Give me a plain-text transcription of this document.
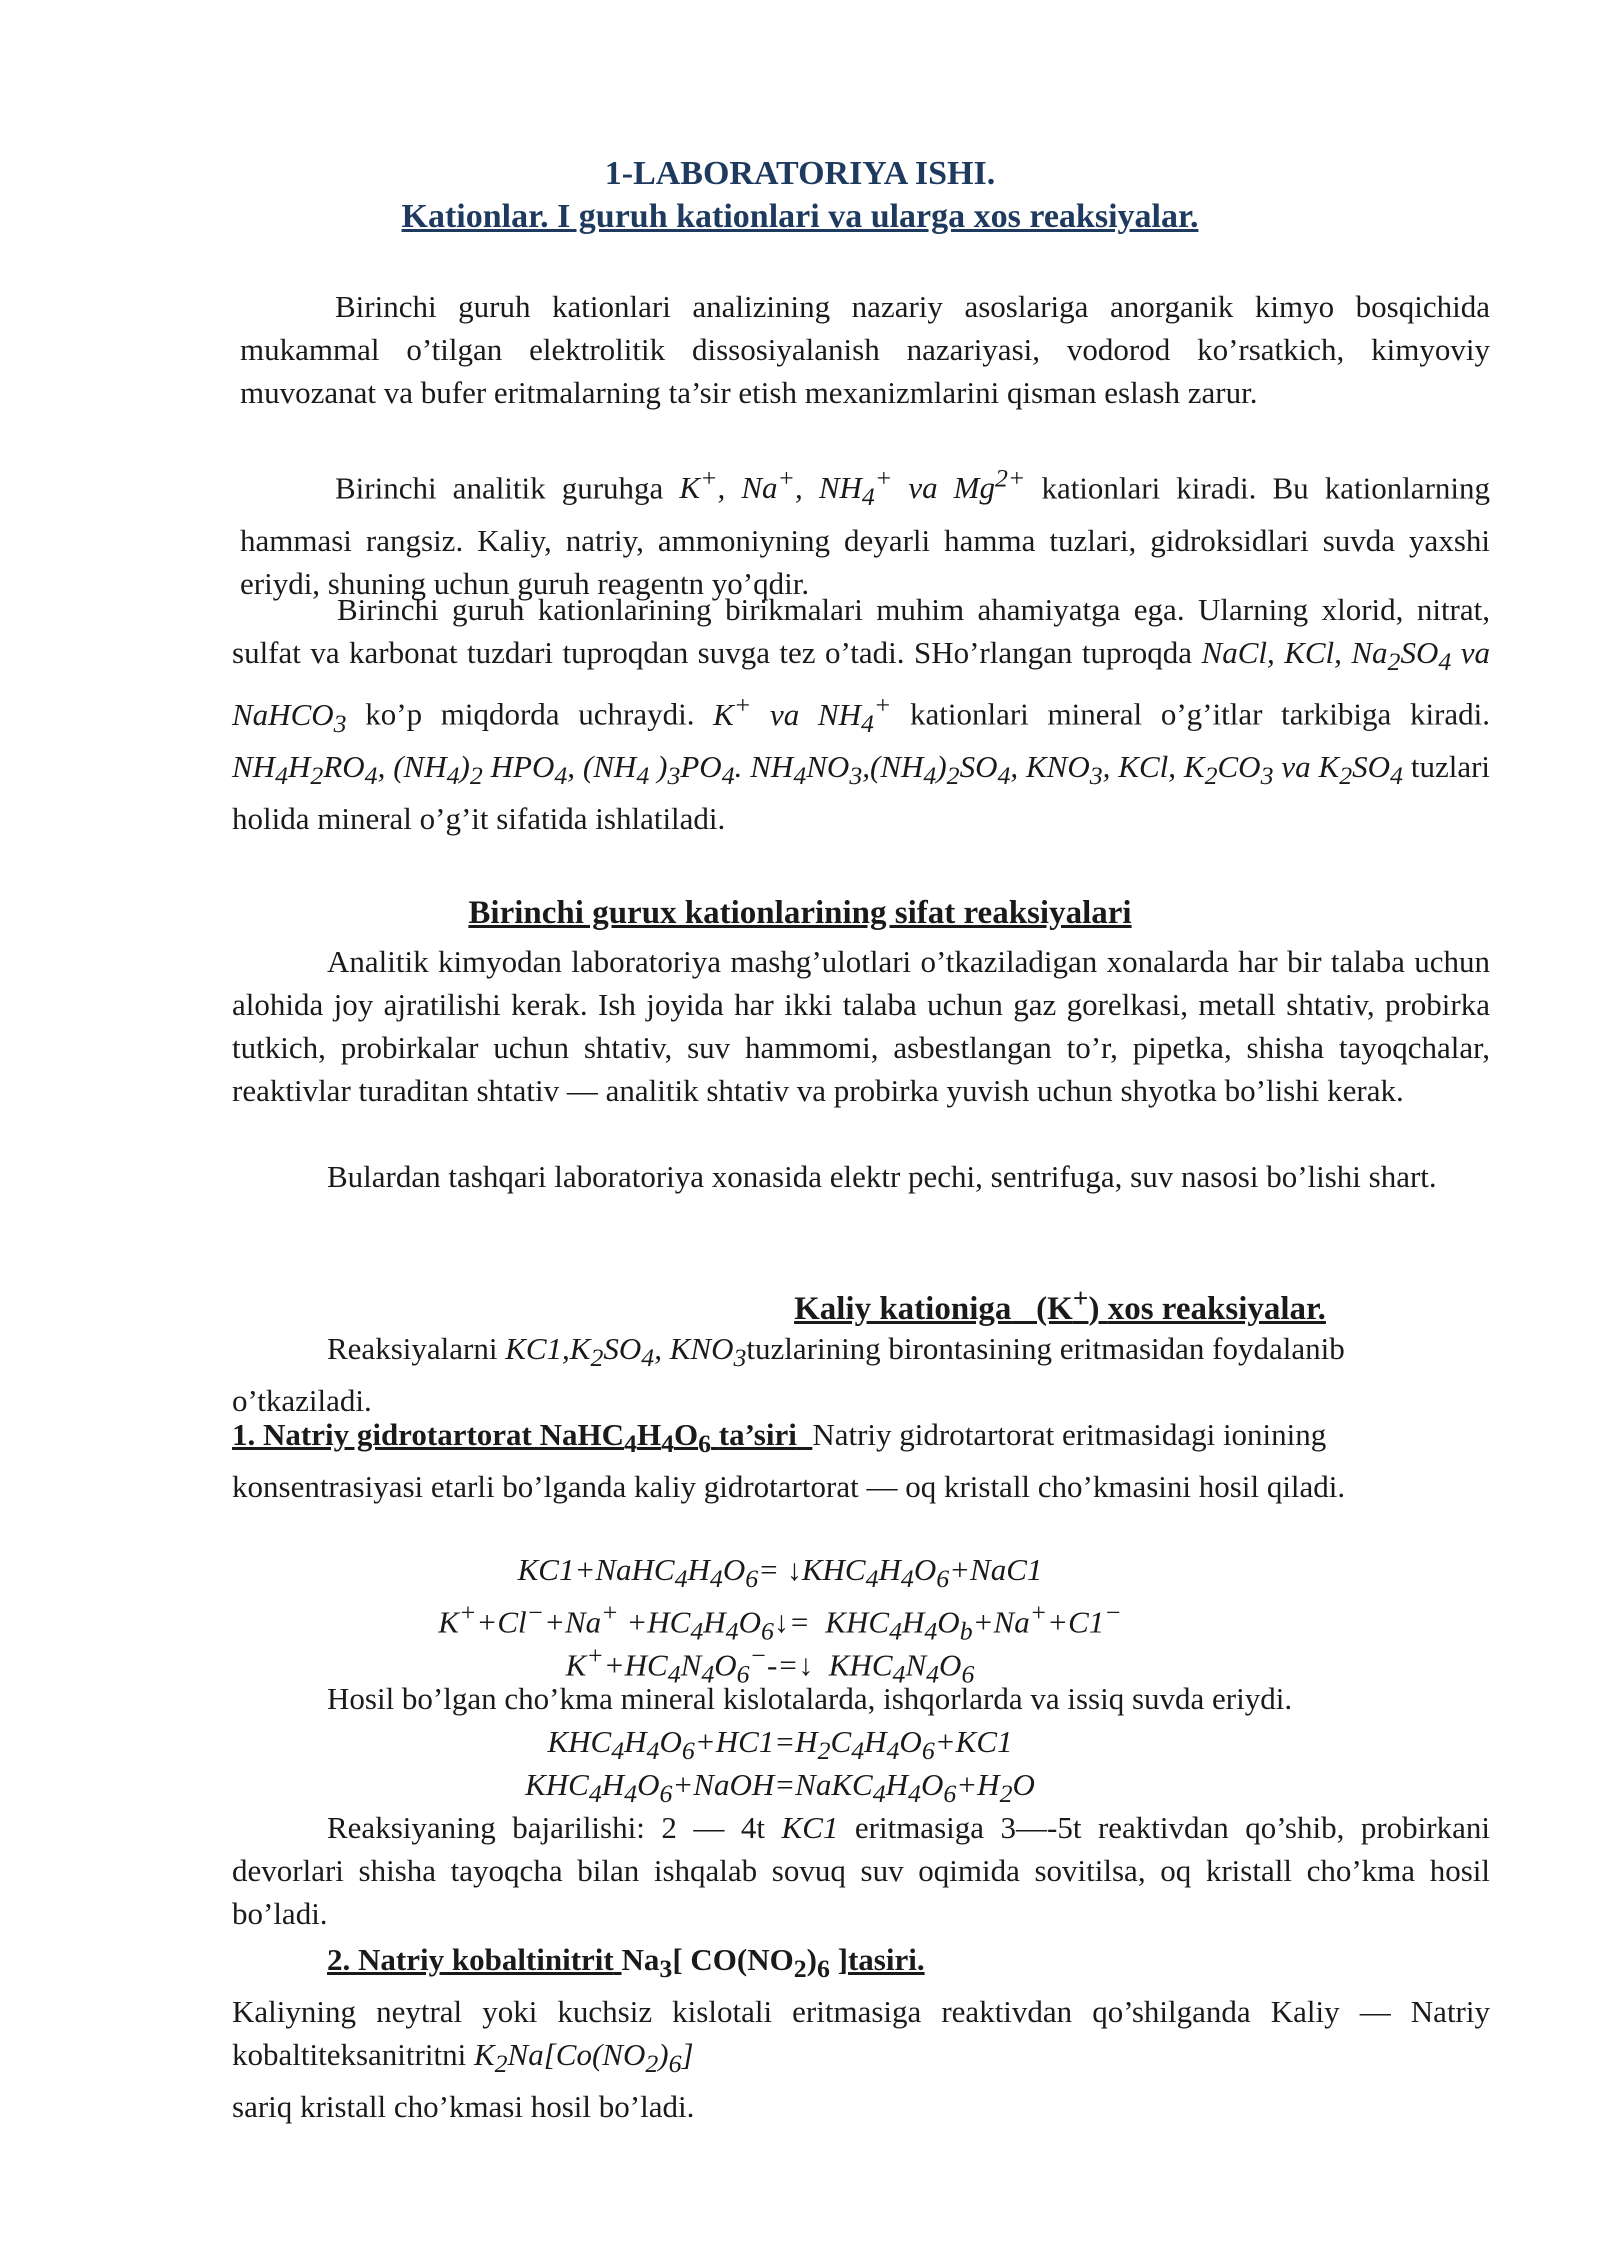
1-LABORATORIYA ISHI.
Kationlar. I guruh kationlari va ularga xos reaksiyalar.
Birinchi guruh kationlari analizining nazariy asoslariga anorganik kimyo bosqichida mukammal o’tilgan elektrolitik dissosiyalanish nazariyasi, vodorod ko’rsatkich, kimyoviy muvozanat va bufer eritmalarning ta’sir etish mexanizmlarini qisman eslash zarur.
Birinchi analitik guruhga K+, Na+, $NH_4^+$ va $Mg^{2+}$ kationlari kiradi. Bu kationlarning hammasi rangsiz. Kaliy, natriy, ammoniyning deyarli hamma tuzlari, gidroksidlari suvda yaxshi eriydi, shuning uchun guruh reagentn yo’qdir.
Birinchi guruh kationlarining birikmalari muhim ahamiyatga ega. Ularning xlorid, nitrat, sulfat va karbonat tuzdari tuproqdan suvga tez o’tadi. SHo’rlangan tuproqda NaCl, KCl, $Na_2SO_4$ va NaHCO$_3$ ko’p miqdorda uchraydi. K+ va $NH_4^+$ kationlari mineral o’g’itlar tarkibiga kiradi. $NH_4H_2RO_4$, $(NH_4)_2$ $HPO_4$, ($NH_4$ )$_3PO_4$. $NH_4NO_3,(NH_4)_2SO_4$, $KNO_3$, KCl, $K_2CO_3$ va $K_2SO_4$ tuzlari holida mineral o’g’it sifatida ishlatiladi.
Birinchi gurux kationlarining sifat reaksiyalari
Analitik kimyodan laboratoriya mashg’ulotlari o’tkaziladigan xonalarda har bir talaba uchun alohida joy ajratilishi kerak. Ish joyida har ikki talaba uchun gaz gorelkasi, metall shtativ, probirka tutkich, probirkalar uchun shtativ, suv hammomi, asbestlangan to’r, pipetka, shisha tayoqchalar, reaktivlar turaditan shtativ — analitik shtativ va probirka yuvish uchun shyotka bo’lishi kerak.
Bulardan tashqari laboratoriya xonasida elektr pechi, sentrifuga, suv nasosi bo’lishi shart.
Kaliy kationiga   (K+) xos reaksiyalar.
Reaksiyalarni $KC1,K_2SO_4$, $KNO_3tuzlarining$ birontasining eritmasidan foydalanib o’tkaziladi.
1. Natriy gidrotartorat $NaHC_4H_4O_6$ ta’siri Natriy gidrotartorat eritmasidagi ionining konsentrasiyasi etarli bo’lganda kaliy gidrotartorat — oq kristall cho’kmasini hosil qiladi.
$KC1+NaHC_4H_4O_6=$ $↓KHC_4H_4O_6+NaC1$
$K^++Cl^-+Na^+ +HC_4H_4O_6↓= KHC_4H_4O_b+Na^++C1^-$
$K^++HC_4N_4O_6^--=↓$  $KHC_4N_4O_6$
Hosil bo’lgan cho’kma mineral kislotalarda, ishqorlarda va issiq suvda eriydi.
$KHC_4H_4O_6+HC1=H_2C_4H_4O_6+KC1$
$KHC_4H_4O_6+NaOH=NaKC_4H_4O_6+H_2O$
Reaksiyaning bajarilishi: 2 — 4t KC1 eritmasiga 3—-5t reaktivdan qo’shib, probirkani devorlari shisha tayoqcha bilan ishqalab sovuq suv oqimida sovitilsa, oq kristall cho’kma hosil bo’ladi.
2. Natriy kobaltinitrit $Na_3$[ $CO(NO_2)_6$ ]tasiri.
Kaliyning neytral yoki kuchsiz kislotali eritmasiga reaktivdan qo’shilganda Kaliy — Natriy kobaltiteksanitritni $K_2Na[Co(NO_2)_6]$
sariq kristall cho’kmasi hosil bo’ladi.
